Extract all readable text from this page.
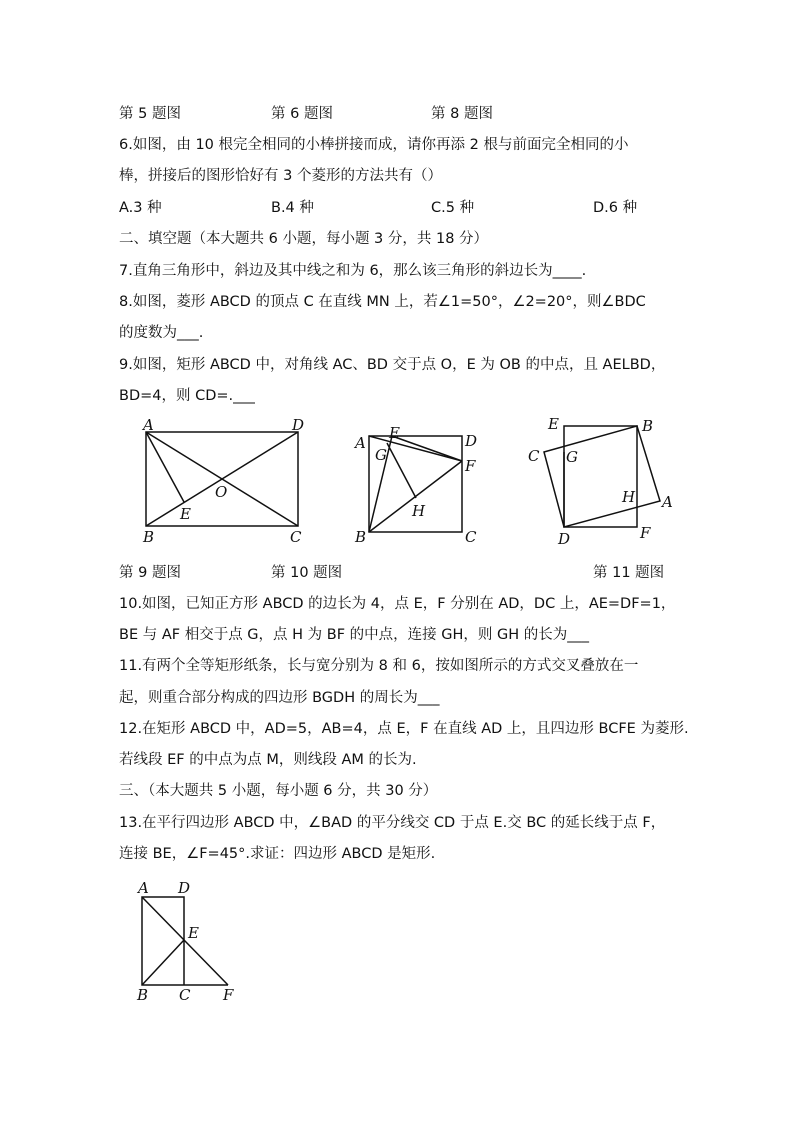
第 5 题图	第 6 题图	第 8 题图
6.如图，由 10 根完全相同的小棒拼接而成，请你再添 2 根与前面完全相同的小
棒，拼接后的图形恰好有 3 个菱形的方法共有（）
A.3 种	B.4 种	C.5 种	D.6 种
二、填空题（本大题共 6 小题，每小题 3 分，共 18 分）
7.直角三角形中，斜边及其中线之和为 6，那么该三角形的斜边长为____.
8.如图，菱形 ABCD 的顶点 C 在直线 MN 上，若∠1=50°，∠2=20°，则∠BDC
的度数为___.
9.如图，矩形 ABCD 中，对角线 AC、BD 交于点 O，E 为 OB 的中点，且 AELBD，
BD=4，则 CD=.___
A	D
B	C
O
E
A
E	D
G
F
H
B	C
E	B
C G
H A
D	F
第 9 题图	第 10 题图	第 11 题图
10.如图，已知正方形 ABCD 的边长为 4，点 E，F 分别在 AD，DC 上，AE=DF=1，
BE 与 AF 相交于点 G，点 H 为 BF 的中点，连接 GH，则 GH 的长为___
11.有两个全等矩形纸条，长与宽分别为 8 和 6，按如图所示的方式交叉叠放在一
起，则重合部分构成的四边形 BGDH 的周长为___
12.在矩形 ABCD 中，AD=5，AB=4，点 E，F 在直线 AD 上，且四边形 BCFE 为菱形.
若线段 EF 的中点为点 M，则线段 AM 的长为.
三、（本大题共 5 小题，每小题 6 分，共 30 分）
13.在平行四边形 ABCD 中，∠BAD 的平分线交 CD 于点 E.交 BC 的延长线于点 F，
连接 BE，∠F=45°.求证：四边形 ABCD 是矩形.
A D
E
B C F
